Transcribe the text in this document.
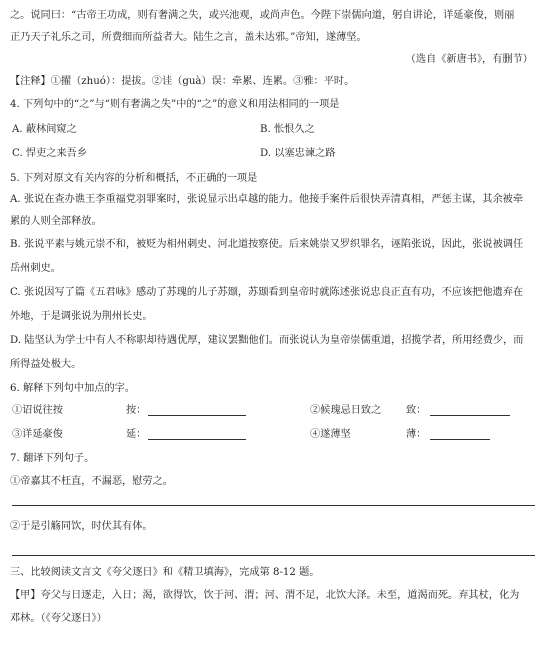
之。说同曰：“古帝王功成，则有奢满之失，或兴池观，或尚声色。今陛下崇儒向道，躬自讲论，详延豪俊，则丽
正乃天子礼乐之司，所费细而所益者大。陆生之言，盖未达邪。”帝知，遂薄坚。
（选自《新唐书》，有删节）
【注释】①擢（zhuó）：提拔。②诖（guà）误：牵累、连累。③雅：平时。
4. 下列句中的“之”与“则有奢满之失”中的“之”的意义和用法相同的一项是
A. 蔽林间窥之	B. 怅恨久之
C. 悍吏之来吾乡	D. 以塞忠谏之路
5. 下列对原文有关内容的分析和概括，不正确的一项是
A. 张说在查办谯王李重福党羽罪案时，张说显示出卓越的能力。他接手案件后很快弄清真相，严惩主谋，其余被牵
累的人则全部释放。
B. 张说平素与姚元崇不和，被贬为相州刺史、河北道按察使。后来姚崇又罗织罪名，诬陷张说，因此，张说被调任
岳州刺史。
C. 张说因写了篇《五君咏》感动了苏瑰的儿子苏颋，苏颋看到皇帝时就陈述张说忠良正直有功，不应该把他遗弃在
外地，于是调张说为荆州长史。
D. 陆坚认为学士中有人不称职却待遇优厚，建议罢黜他们。而张说认为皇帝崇儒重道，招揽学者，所用经费少，而
所得益处极大。
6. 解释下列句中加点的字。
①诏说往按	按：	②候瑰忌日致之 致：
③详延豪俊	延：	④遂薄坚	薄：
7. 翻译下列句子。
①帝嘉其不枉直，不漏恶，慰劳之。
②于是引觞同饮，时伏其有体。
三、比较阅读文言文《夸父逐日》和《精卫填海》，完成第 8-12 题。
【甲】夸父与日逐走，入日；渴，欲得饮，饮于河、渭；河、渭不足，北饮大泽。未至，道渴而死。弃其杖，化为
邓林。（《夸父逐日》）
